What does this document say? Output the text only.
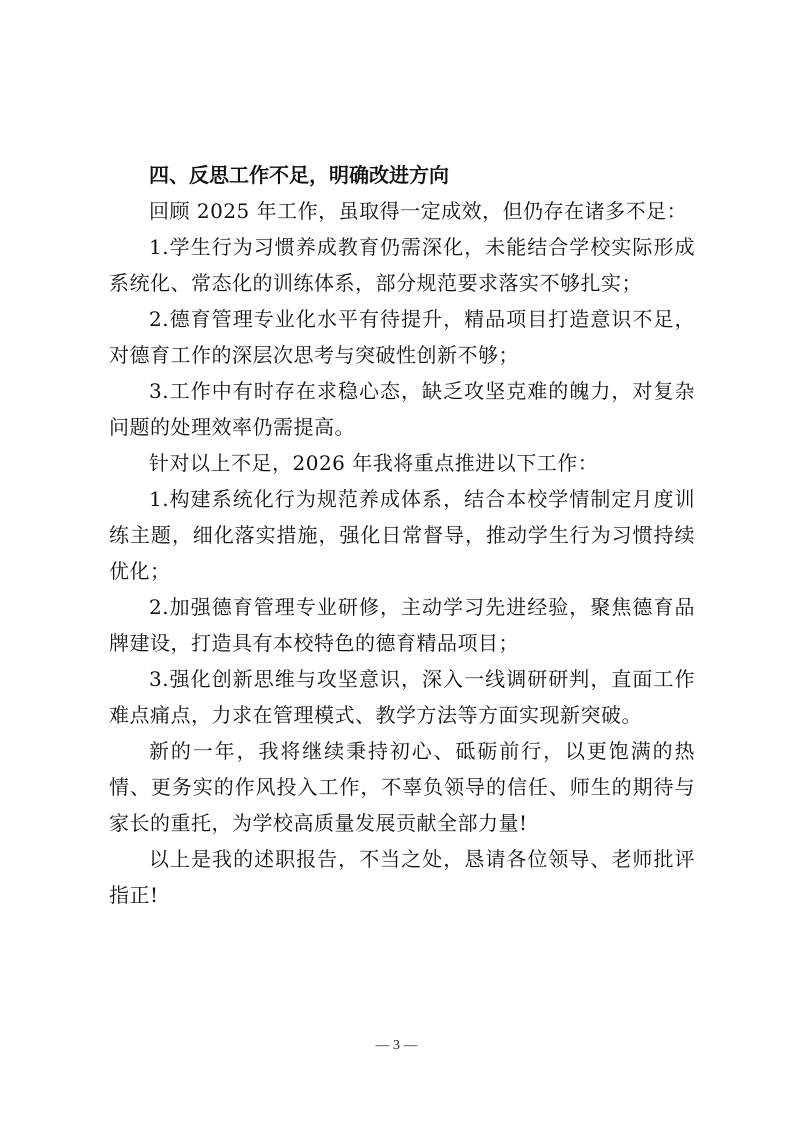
四、反思工作不足，明确改进方向

回顾 2025 年工作，虽取得一定成效，但仍存在诸多不足：

1.学生行为习惯养成教育仍需深化，未能结合学校实际形成系统化、常态化的训练体系，部分规范要求落实不够扎实；

2.德育管理专业化水平有待提升，精品项目打造意识不足，对德育工作的深层次思考与突破性创新不够；

3.工作中有时存在求稳心态，缺乏攻坚克难的魄力，对复杂问题的处理效率仍需提高。

针对以上不足，2026 年我将重点推进以下工作：

1.构建系统化行为规范养成体系，结合本校学情制定月度训练主题，细化落实措施，强化日常督导，推动学生行为习惯持续优化；

2.加强德育管理专业研修，主动学习先进经验，聚焦德育品牌建设，打造具有本校特色的德育精品项目；

3.强化创新思维与攻坚意识，深入一线调研研判，直面工作难点痛点，力求在管理模式、教学方法等方面实现新突破。

新的一年，我将继续秉持初心、砥砺前行，以更饱满的热情、更务实的作风投入工作，不辜负领导的信任、师生的期待与家长的重托，为学校高质量发展贡献全部力量!

以上是我的述职报告，不当之处，恳请各位领导、老师批评指正!

— 3 —
